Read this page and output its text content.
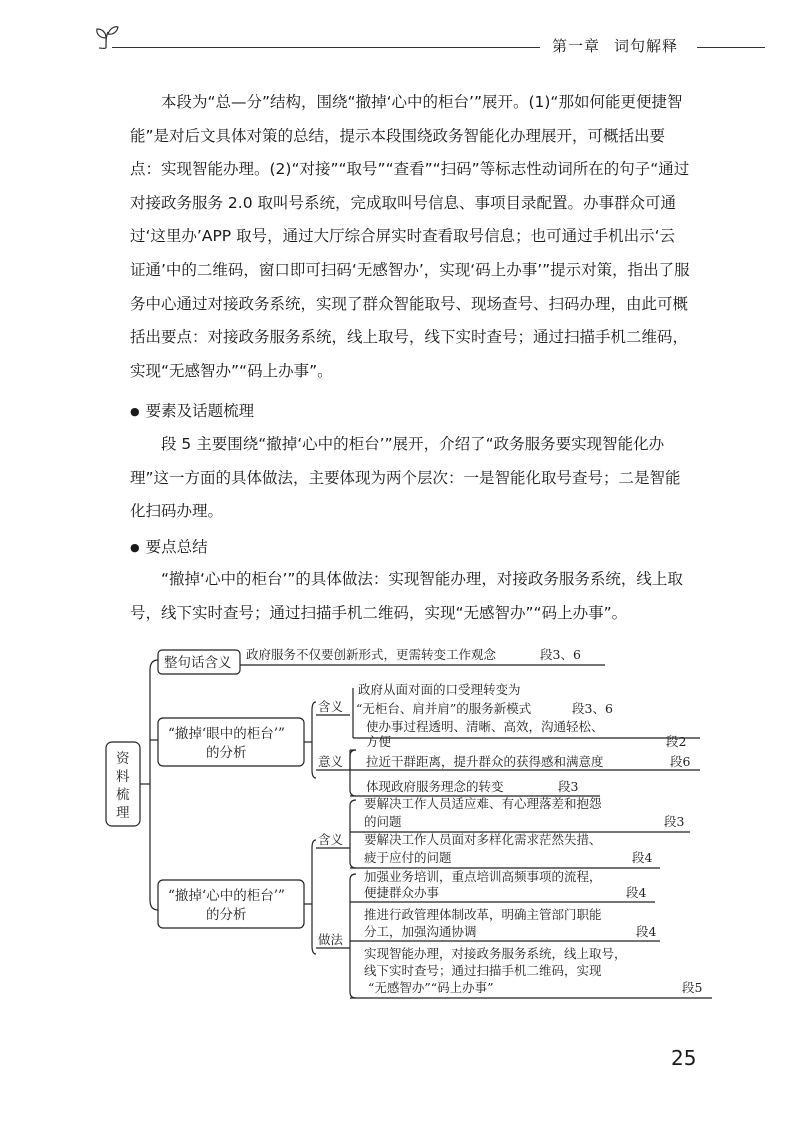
第一章 词句解释

本段为“总—分”结构，围绕“撤掉‘心中的柜台’”展开。(1)“那如何能更便捷智能”是对后文具体对策的总结，提示本段围绕政务智能化办理展开，可概括出要点：实现智能办理。(2)“对接”“取号”“查看”“扫码”等标志性动词所在的句子“通过对接政务服务 2.0 取叫号系统，完成取叫号信息、事项目录配置。办事群众可通过‘这里办’APP 取号，通过大厅综合屏实时查看取号信息；也可通过手机出示‘云证通’中的二维码，窗口即可扫码‘无感智办’，实现‘码上办事’”提示对策，指出了服务中心通过对接政务系统，实现了群众智能取号、现场查号、扫码办理，由此可概括出要点：对接政务服务系统，线上取号，线下实时查号；通过扫描手机二维码，实现“无感智办”“码上办事”。

● 要素及话题梳理

段 5 主要围绕“撤掉‘心中的柜台’”展开，介绍了“政务服务要实现智能化办理”这一方面的具体做法，主要体现为两个层次：一是智能化取号查号；二是智能化扫码办理。

● 要点总结

“撤掉‘心中的柜台’”的具体做法：实现智能办理，对接政务服务系统，线上取号，线下实时查号；通过扫描手机二维码，实现“无感智办”“码上办事”。

资
料
梳
理
整句话含义
政府服务不仅要创新形式，更需转变工作观念	段3、6
“撤掉‘眼中的柜台’”
的分析
含义
政府从面对面的口受理转变为
“无柜台、肩并肩”的服务新模式	段3、6
意义
使办事过程透明、清晰、高效，沟通轻松、
方便	段2
拉近干群距离，提升群众的获得感和满意度	段6
体现政府服务理念的转变	段3
“撤掉‘心中的柜台’”
的分析
含义
要解决工作人员适应难、有心理落差和抱怨
的问题	段3
要解决工作人员面对多样化需求茫然失措、
疲于应付的问题	段4
做法
加强业务培训，重点培训高频事项的流程，
便捷群众办事	段4
推进行政管理体制改革，明确主管部门职能
分工，加强沟通协调	段4
实现智能办理，对接政务服务系统，线上取号，
线下实时查号；通过扫描手机二维码，实现
“无感智办”“码上办事”	段5
25
